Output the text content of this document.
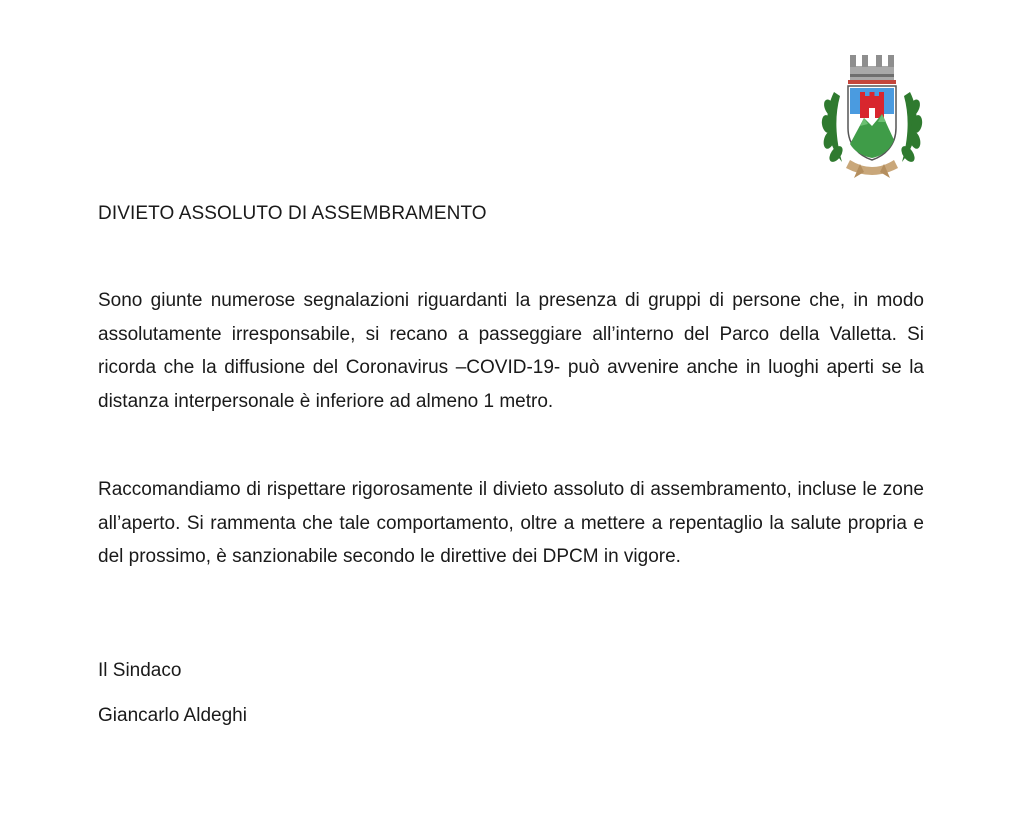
DIVIETO ASSOLUTO DI ASSEMBRAMENTO

Sono giunte numerose segnalazioni riguardanti la presenza di gruppi di persone che, in modo assolutamente irresponsabile, si recano a passeggiare all’interno del Parco della Valletta. Si ricorda che la diffusione del Coronavirus –COVID-19- può avvenire anche in luoghi aperti se la distanza interpersonale è inferiore ad almeno 1 metro.

Raccomandiamo di rispettare rigorosamente il divieto assoluto di assembramento, incluse le zone all’aperto. Si rammenta che tale comportamento, oltre a mettere a repentaglio la salute propria e del prossimo, è sanzionabile secondo le direttive dei DPCM in vigore.

Il Sindaco

Giancarlo Aldeghi
